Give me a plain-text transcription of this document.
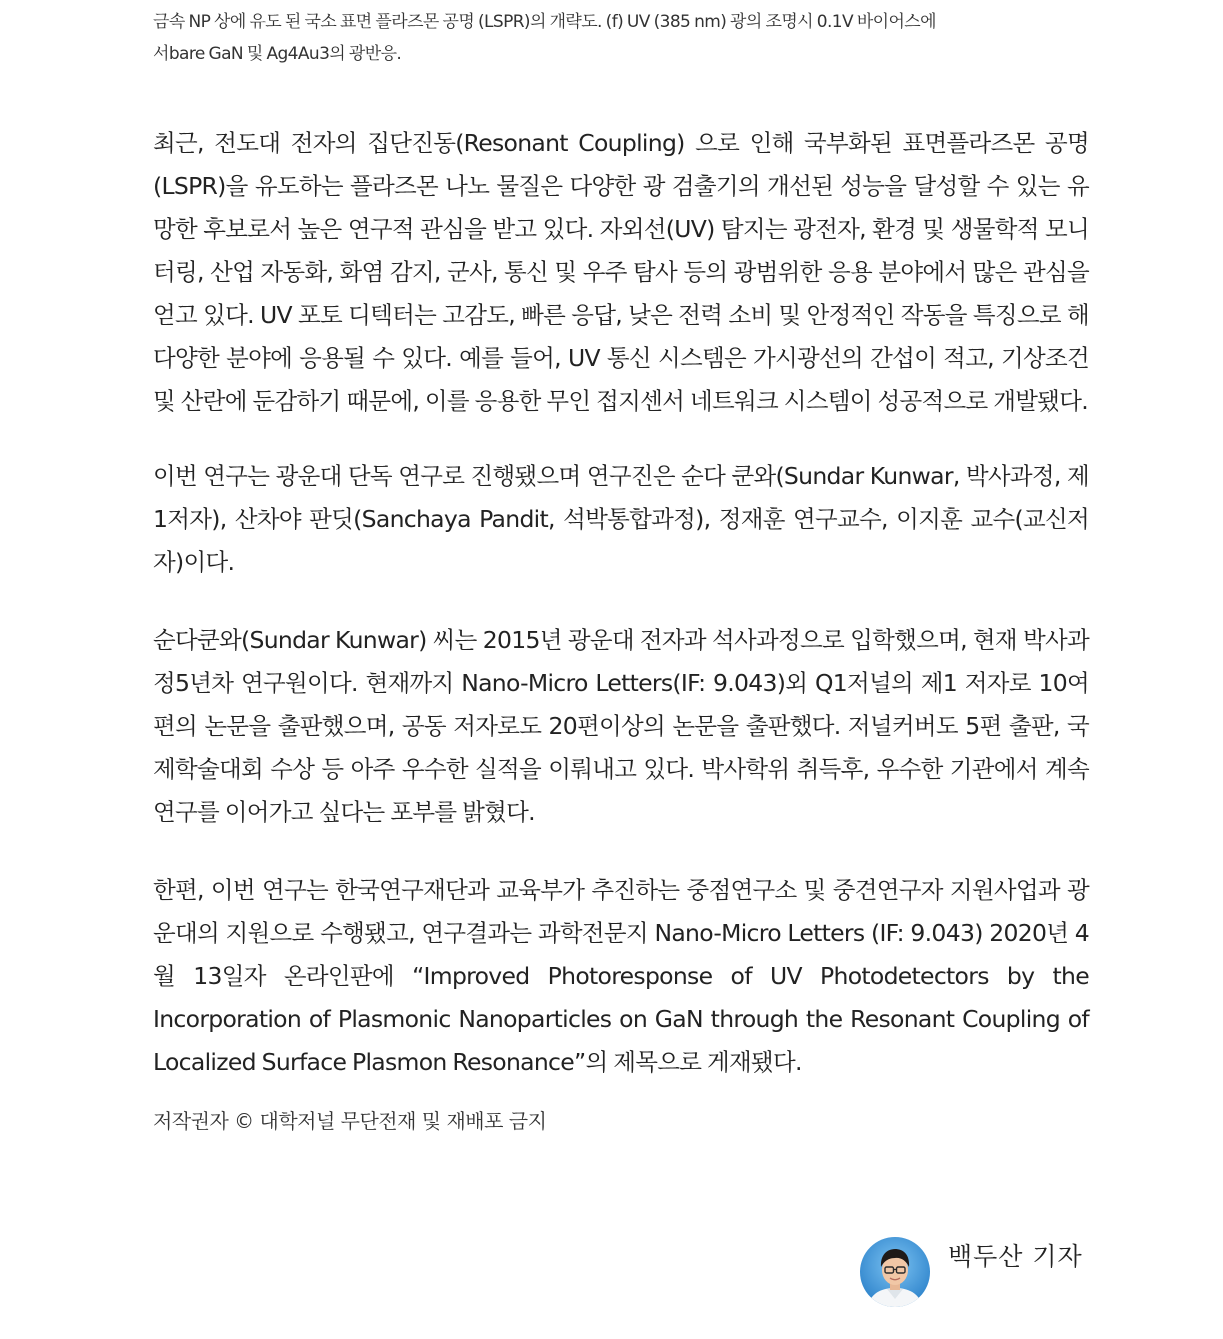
금속 NP 상에 유도 된 국소 표면 플라즈몬 공명 (LSPR)의 개략도. (f) UV (385 nm) 광의 조명시 0.1V 바이어스에
서bare GaN 및 Ag4Au3의 광반응.

최근, 전도대 전자의 집단진동(Resonant Coupling) 으로 인해 국부화된 표면플라즈몬 공명 (LSPR)을 유도하는 플라즈몬 나노 물질은 다양한 광 검출기의 개선된 성능을 달성할 수 있는 유망한 후보로서 높은 연구적 관심을 받고 있다. 자외선(UV) 탐지는 광전자, 환경 및 생물학적 모니터링, 산업 자동화, 화염 감지, 군사, 통신 및 우주 탐사 등의 광범위한 응용 분야에서 많은 관심을 얻고 있다. UV 포토 디텍터는 고감도, 빠른 응답, 낮은 전력 소비 및 안정적인 작동을 특징으로 해 다양한 분야에 응용될 수 있다. 예를 들어, UV 통신 시스템은 가시광선의 간섭이 적고, 기상조건 및 산란에 둔감하기 때문에, 이를 응용한 무인 접지센서 네트워크 시스템이 성공적으로 개발됐다.

이번 연구는 광운대 단독 연구로 진행됐으며 연구진은 순다 쿤와(Sundar Kunwar, 박사과정, 제1저자), 산차야 판딧(Sanchaya Pandit, 석박통합과정), 정재훈 연구교수, 이지훈 교수(교신저자)이다.

순다쿤와(Sundar Kunwar) 씨는 2015년 광운대 전자과 석사과정으로 입학했으며, 현재 박사과정5년차 연구원이다. 현재까지 Nano-Micro Letters(IF: 9.043)외 Q1저널의 제1 저자로 10여 편의 논문을 출판했으며, 공동 저자로도 20편이상의 논문을 출판했다. 저널커버도 5편 출판, 국제학술대회 수상 등 아주 우수한 실적을 이뤄내고 있다. 박사학위 취득후, 우수한 기관에서 계속 연구를 이어가고 싶다는 포부를 밝혔다.

한편, 이번 연구는 한국연구재단과 교육부가 추진하는 중점연구소 및 중견연구자 지원사업과 광운대의 지원으로 수행됐고, 연구결과는 과학전문지 Nano-Micro Letters (IF: 9.043) 2020년 4월 13일자 온라인판에 “Improved Photoresponse of UV Photodetectors by the Incorporation of Plasmonic Nanoparticles on GaN through the Resonant Coupling of Localized Surface Plasmon Resonance”의 제목으로 게재됐다.

저작권자 © 대학저널 무단전재 및 재배포 금지
백두산 기자
